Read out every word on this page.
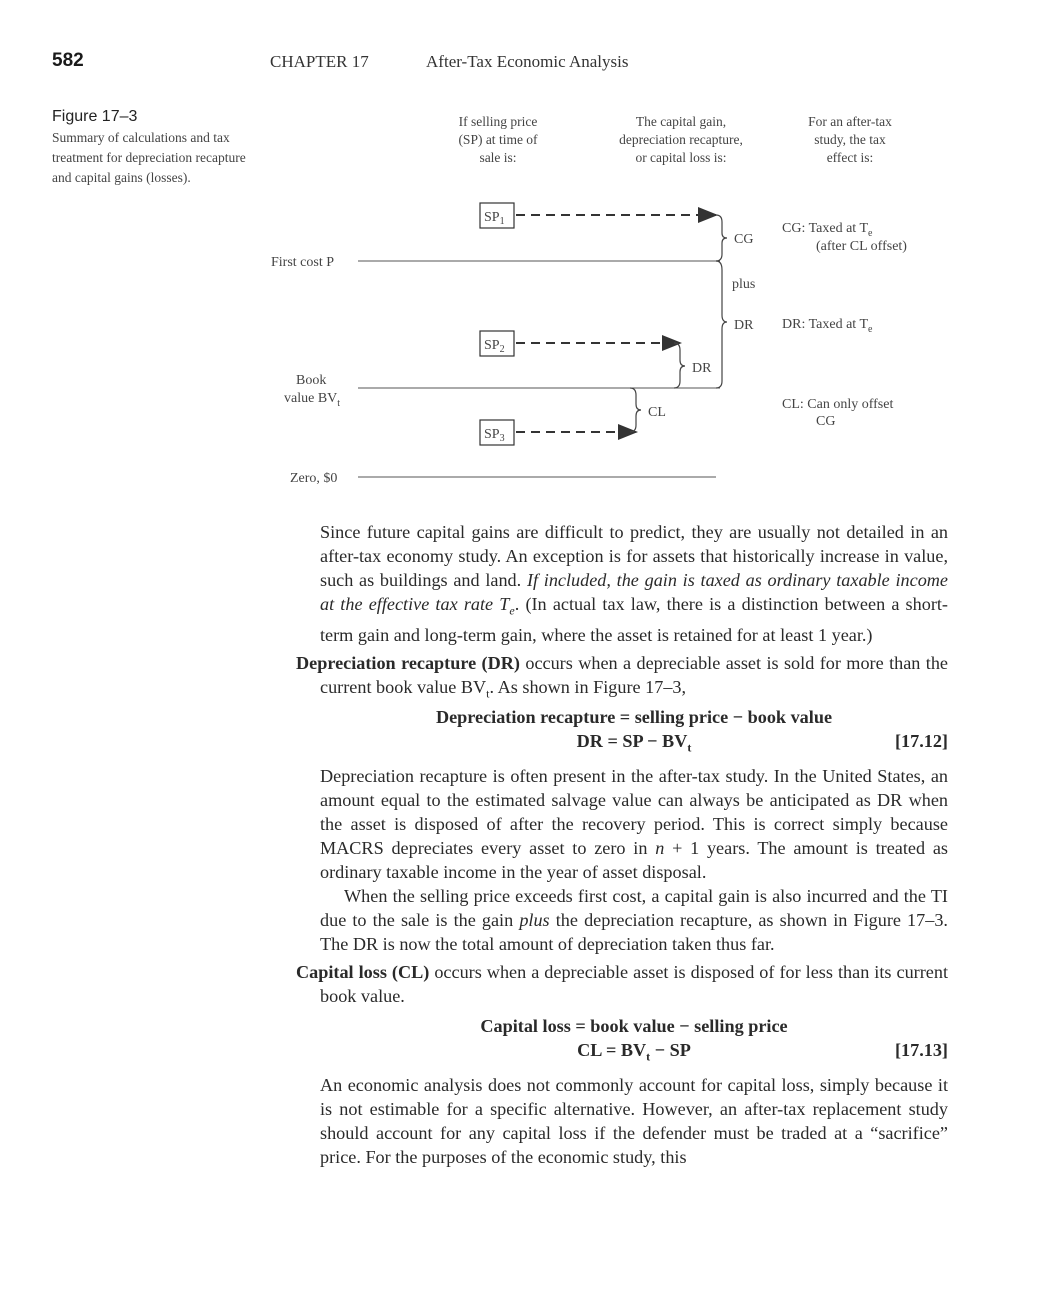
582	CHAPTER 17	After-Tax Economic Analysis
Figure 17–3
Summary of calculations and tax treatment for depreciation recapture and capital gains (losses).
If selling price
(SP) at time of
sale is:
The capital gain,
depreciation recapture,
or capital loss is:
For an after-tax
study, the tax
effect is:
First cost P
Book
value $BV_t$
Zero, $0
$SP_1$
$SP_2$
$SP_3$
CG
plus
DR
DR
CL
CG: Taxed at $T_e$
(after CL offset)
DR: Taxed at $T_e$
CL: Can only offset
CG

Since future capital gains are difficult to predict, they are usually not detailed in an after-tax economy study. An exception is for assets that historically increase in value, such as buildings and land. If included, the gain is taxed as ordinary taxable income at the effective tax rate $T_e$. (In actual tax law, there is a distinction between a short-term gain and long-term gain, where the asset is retained for at least 1 year.)

Depreciation recapture (DR) occurs when a depreciable asset is sold for more than the current book value $BV_t$. As shown in Figure 17–3,

Depreciation recapture = selling price − book value
DR = SP − $BV_t$	[17.12]

Depreciation recapture is often present in the after-tax study. In the United States, an amount equal to the estimated salvage value can always be anticipated as DR when the asset is disposed of after the recovery period. This is correct simply because MACRS depreciates every asset to zero in n + 1 years. The amount is treated as ordinary taxable income in the year of asset disposal.

When the selling price exceeds first cost, a capital gain is also incurred and the TI due to the sale is the gain plus the depreciation recapture, as shown in Figure 17–3. The DR is now the total amount of depreciation taken thus far.

Capital loss (CL) occurs when a depreciable asset is disposed of for less than its current book value.

Capital loss = book value − selling price
CL = $BV_t$ − SP	[17.13]

An economic analysis does not commonly account for capital loss, simply because it is not estimable for a specific alternative. However, an after-tax replacement study should account for any capital loss if the defender must be traded at a “sacrifice” price. For the purposes of the economic study, this
